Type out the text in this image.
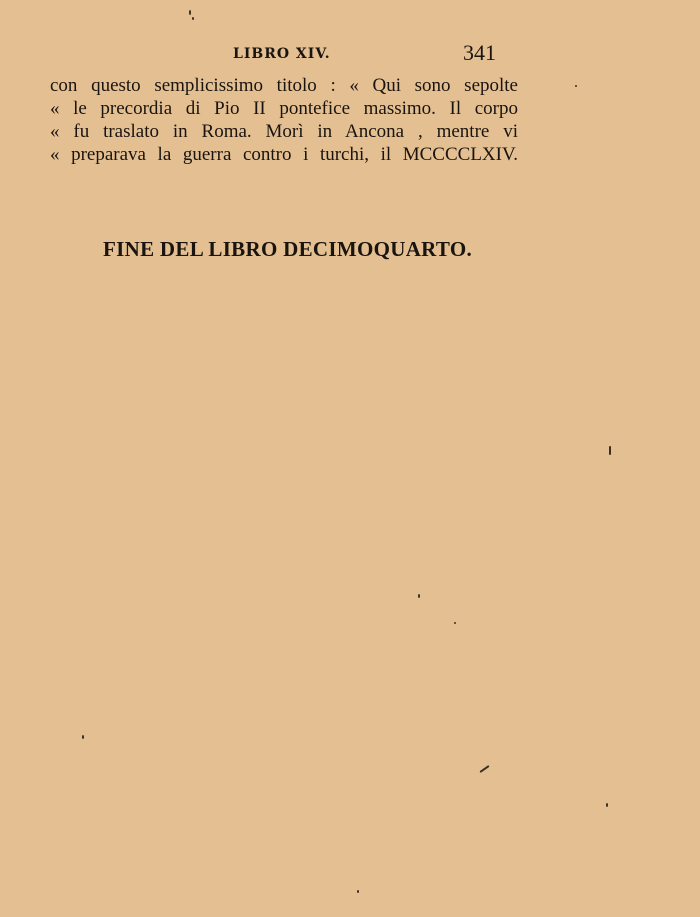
LIBRO XIV.	341
con questo semplicissimo titolo : « Qui sono sepolte
« le precordia di Pio II pontefice massimo. Il corpo
« fu traslato in Roma. Morì in Ancona , mentre vi
« preparava la guerra contro i turchi, il MCCCCLXIV.
FINE DEL LIBRO DECIMOQUARTO.
